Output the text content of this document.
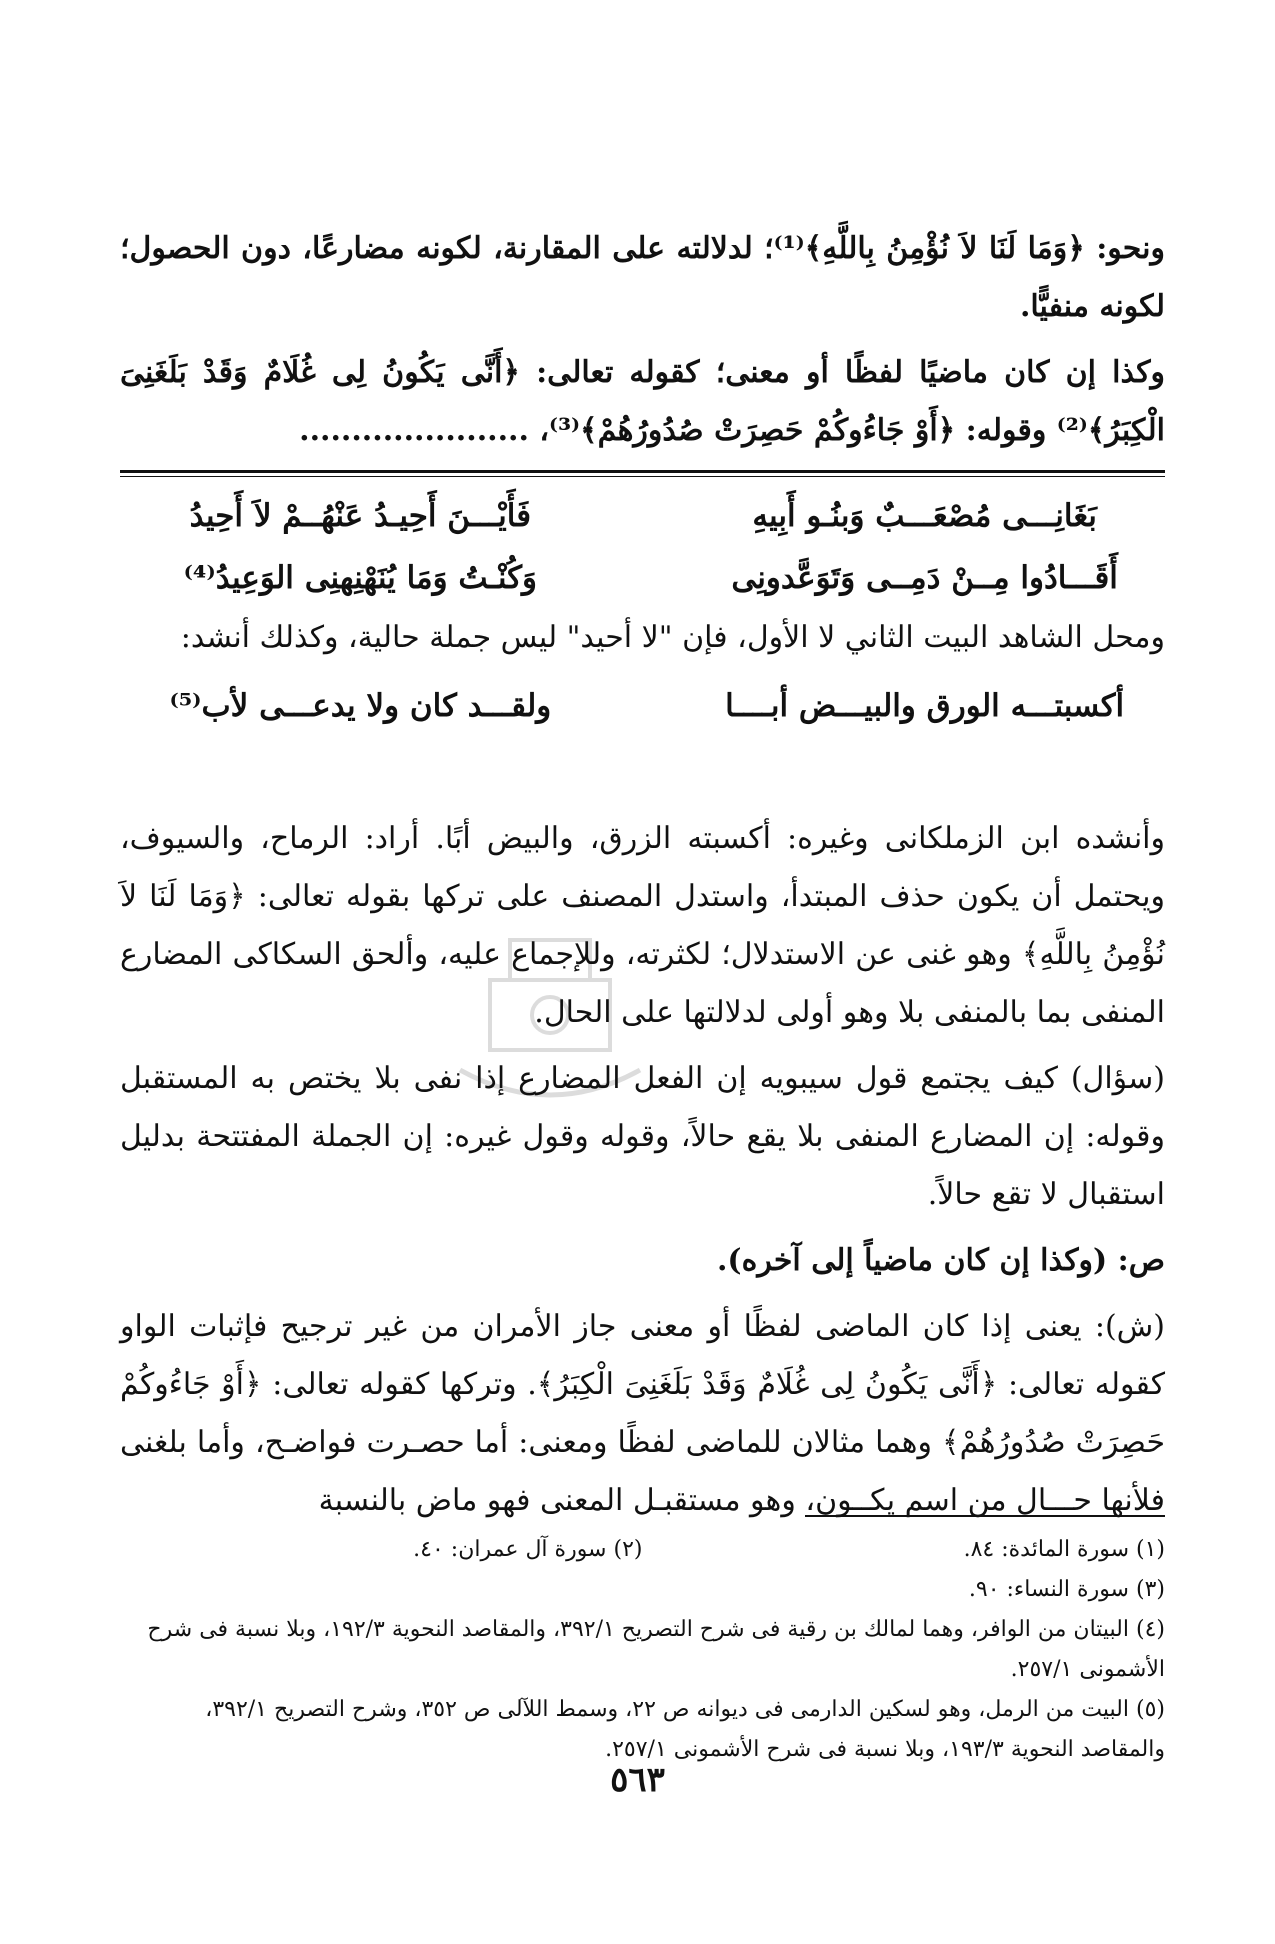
ونحو: ﴿وَمَا لَنَا لاَ نُؤْمِنُ بِاللَّهِ﴾⁽¹⁾؛ لدلالته على المقارنة، لكونه مضارعًا، دون الحصول؛ لكونه منفيًّا.

وكذا إن كان ماضيًا لفظًا أو معنى؛ كقوله تعالى: ﴿أَنَّى يَكُونُ لِى غُلَامٌ وَقَدْ بَلَغَنِىَ الْكِبَرُ﴾⁽²⁾ وقوله: ﴿أَوْ جَاءُوكُمْ حَصِرَتْ صُدُورُهُمْ﴾⁽³⁾، ......................

بَغَانِـــى مُصْعَـــبٌ وَبنُـو أَبِيهِ
فَأَيْـــنَ أَحِيـدُ عَنْهُــمْ لاَ أَحِيدُ
أَقَـــادُوا مِــنْ دَمِــى وَتَوَعَّدونِى
وَكُنْـتُ وَمَا يُنَهْنِهنِى الوَعِيدُ⁽⁴⁾

ومحل الشاهد البيت الثاني لا الأول، فإن "لا أحيد" ليس جملة حالية، وكذلك أنشد:

أكسبتـــه الورق والبيـــض أبــــا
ولقـــد كان ولا يدعـــى لأب⁽⁵⁾

وأنشده ابن الزملكانى وغيره: أكسبته الزرق، والبيض أبًا. أراد: الرماح، والسيوف، ويحتمل أن يكون حذف المبتدأ، واستدل المصنف على تركها بقوله تعالى: ﴿وَمَا لَنَا لاَ نُؤْمِنُ بِاللَّهِ﴾ وهو غنى عن الاستدلال؛ لكثرته، وللإجماع عليه، وألحق السكاكى المضارع المنفى بما بالمنفى بلا وهو أولى لدلالتها على الحال.

(سؤال) كيف يجتمع قول سيبويه إن الفعل المضارع إذا نفى بلا يختص به المستقبل وقوله: إن المضارع المنفى بلا يقع حالاً، وقوله وقول غيره: إن الجملة المفتتحة بدليل استقبال لا تقع حالاً.

ص: (وكذا إن كان ماضياً إلى آخره).

(ش): يعنى إذا كان الماضى لفظًا أو معنى جاز الأمران من غير ترجيح فإثبات الواو كقوله تعالى: ﴿أَنَّى يَكُونُ لِى غُلَامٌ وَقَدْ بَلَغَنِىَ الْكِبَرُ﴾. وتركها كقوله تعالى: ﴿أَوْ جَاءُوكُمْ حَصِرَتْ صُدُورُهُمْ﴾ وهما مثالان للماضى لفظًا ومعنى: أما حصـرت فواضـح، وأما بلغنى فلأنها حـــال من اسم يكــون، وهو مستقبـل المعنى فهو ماض بالنسبة

(١) سورة المائدة: ٨٤.

(٢) سورة آل عمران: ٤٠.

(٣) سورة النساء: ٩٠.

(٤) البيتان من الوافر، وهما لمالك بن رقية فى شرح التصريح ٣٩٢/١، والمقاصد النحوية ١٩٢/٣، وبلا نسبة فى شرح الأشمونى ٢٥٧/١.

(٥) البيت من الرمل، وهو لسكين الدارمى فى ديوانه ص ٢٢، وسمط اللآلى ص ٣٥٢، وشرح التصريح ٣٩٢/١، والمقاصد النحوية ١٩٣/٣، وبلا نسبة فى شرح الأشمونى ٢٥٧/١.

٥٦٣
